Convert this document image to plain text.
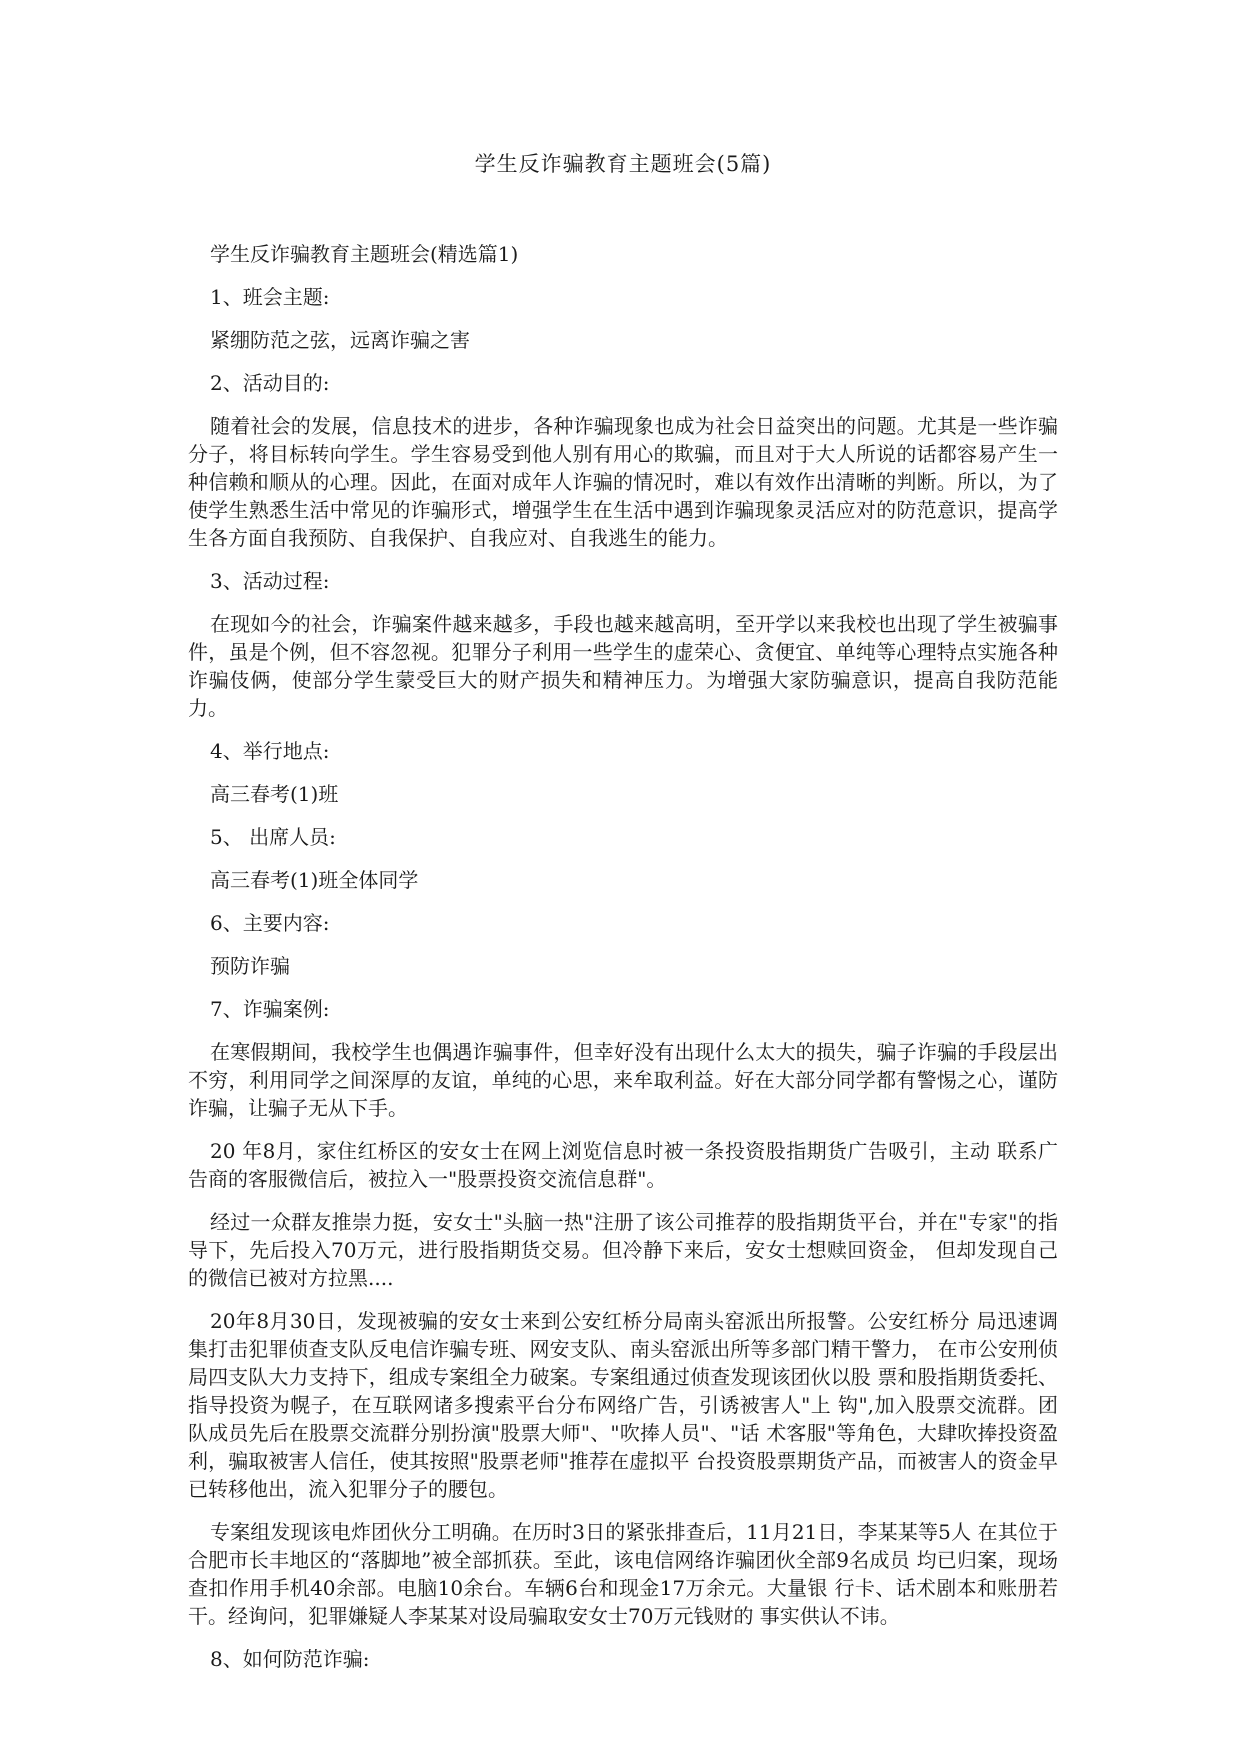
学生反诈骗教育主题班会(5篇)

学生反诈骗教育主题班会(精选篇1)

1、班会主题:

紧绷防范之弦，远离诈骗之害

2、活动目的:

随着社会的发展，信息技术的进步，各种诈骗现象也成为社会日益突出的问题。尤其是一些诈骗分子，将目标转向学生。学生容易受到他人别有用心的欺骗，而且对于大人所说的话都容易产生一种信赖和顺从的心理。因此，在面对成年人诈骗的情况时，难以有效作出清晰的判断。所以，为了使学生熟悉生活中常见的诈骗形式，增强学生在生活中遇到诈骗现象灵活应对的防范意识，提高学生各方面自我预防、自我保护、自我应对、自我逃生的能力。

3、活动过程:

在现如今的社会，诈骗案件越来越多，手段也越来越高明，至开学以来我校也出现了学生被骗事件，虽是个例，但不容忽视。犯罪分子利用一些学生的虚荣心、贪便宜、单纯等心理特点实施各种诈骗伎俩，使部分学生蒙受巨大的财产损失和精神压力。为增强大家防骗意识，提高自我防范能力。

4、举行地点:

高三春考(1)班

5、 出席人员:

高三春考(1)班全体同学

6、主要内容:

预防诈骗

7、诈骗案例:

在寒假期间，我校学生也偶遇诈骗事件，但幸好没有出现什么太大的损失，骗子诈骗的手段层出不穷，利用同学之间深厚的友谊，单纯的心思，来牟取利益。好在大部分同学都有警惕之心，谨防诈骗，让骗子无从下手。

20 年8月，家住红桥区的安女士在网上浏览信息时被一条投资股指期货广告吸引，主动 联系广告商的客服微信后，被拉入一"股票投资交流信息群"。

经过一众群友推崇力挺，安女士"头脑一热"注册了该公司推荐的股指期货平台，并在"专家"的指导下，先后投入70万元，进行股指期货交易。但冷静下来后，安女士想赎回资金， 但却发现自己的微信已被对方拉黑....

20年8月30日，发现被骗的安女士来到公安红桥分局南头窑派出所报警。公安红桥分 局迅速调集打击犯罪侦查支队反电信诈骗专班、网安支队、南头窑派出所等多部门精干警力， 在市公安刑侦局四支队大力支持下，组成专案组全力破案。专案组通过侦查发现该团伙以股 票和股指期货委托、指导投资为幌子，在互联网诸多搜索平台分布网络广告，引诱被害人"上 钩",加入股票交流群。团队成员先后在股票交流群分别扮演"股票大师"、"吹捧人员"、"话 术客服"等角色，大肆吹捧投资盈利，骗取被害人信任，使其按照"股票老师"推荐在虚拟平 台投资股票期货产品，而被害人的资金早已转移他出，流入犯罪分子的腰包。

专案组发现该电炸团伙分工明确。在历时3日的紧张排查后，11月21日，李某某等5人 在其位于合肥市长丰地区的“落脚地”被全部抓获。至此，该电信网络诈骗团伙全部9名成员 均已归案，现场查扣作用手机40余部。电脑10余台。车辆6台和现金17万余元。大量银 行卡、话术剧本和账册若干。经询问，犯罪嫌疑人李某某对设局骗取安女士70万元钱财的 事实供认不讳。

8、如何防范诈骗:
